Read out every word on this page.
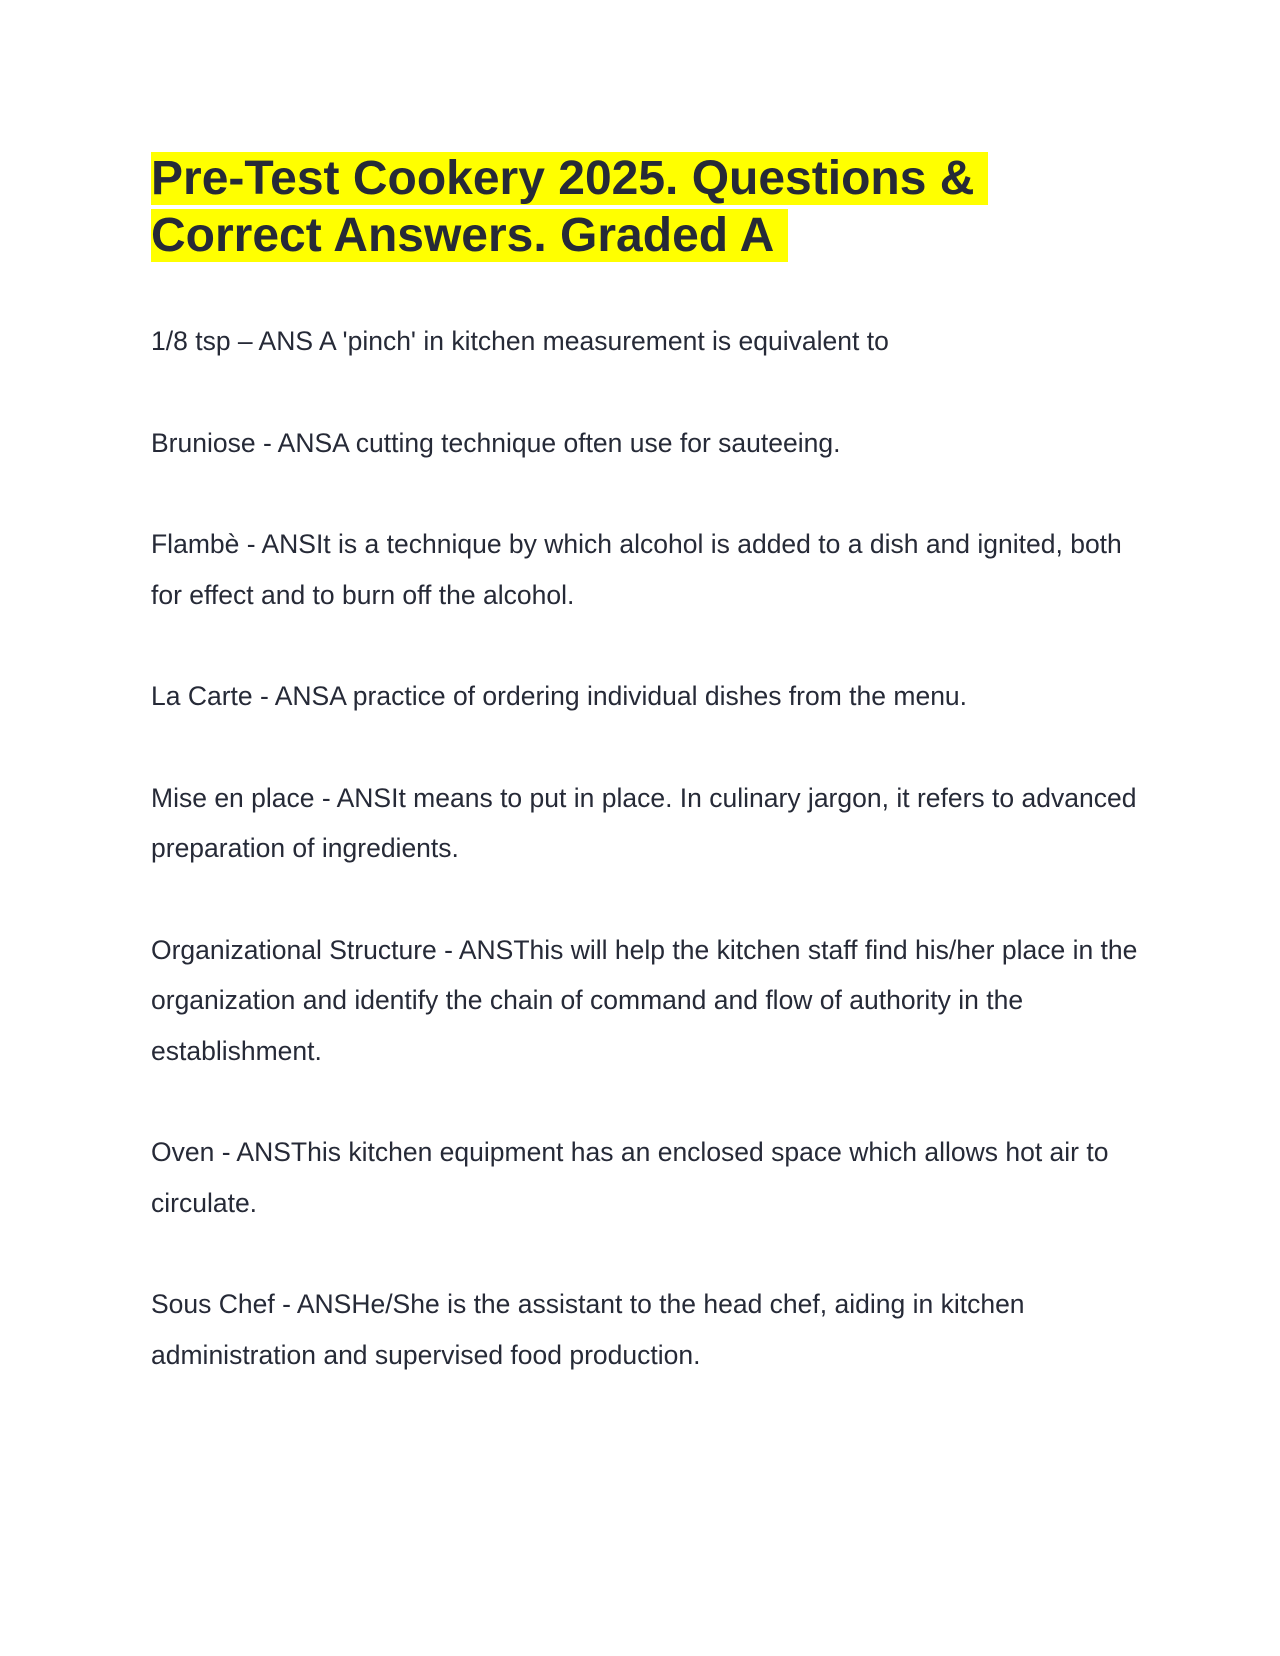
Pre-Test Cookery 2025. Questions & Correct Answers. Graded A
1/8 tsp – ANS A 'pinch' in kitchen measurement is equivalent to
Bruniose - ANSA cutting technique often use for sauteeing.
Flambè - ANSIt is a technique by which alcohol is added to a dish and ignited, both for effect and to burn off the alcohol.
La Carte - ANSA practice of ordering individual dishes from the menu.
Mise en place - ANSIt means to put in place. In culinary jargon, it refers to advanced preparation of ingredients.
Organizational Structure - ANSThis will help the kitchen staff find his/her place in the organization and identify the chain of command and flow of authority in the establishment.
Oven - ANSThis kitchen equipment has an enclosed space which allows hot air to circulate.
Sous Chef - ANSHe/She is the assistant to the head chef, aiding in kitchen administration and supervised food production.
